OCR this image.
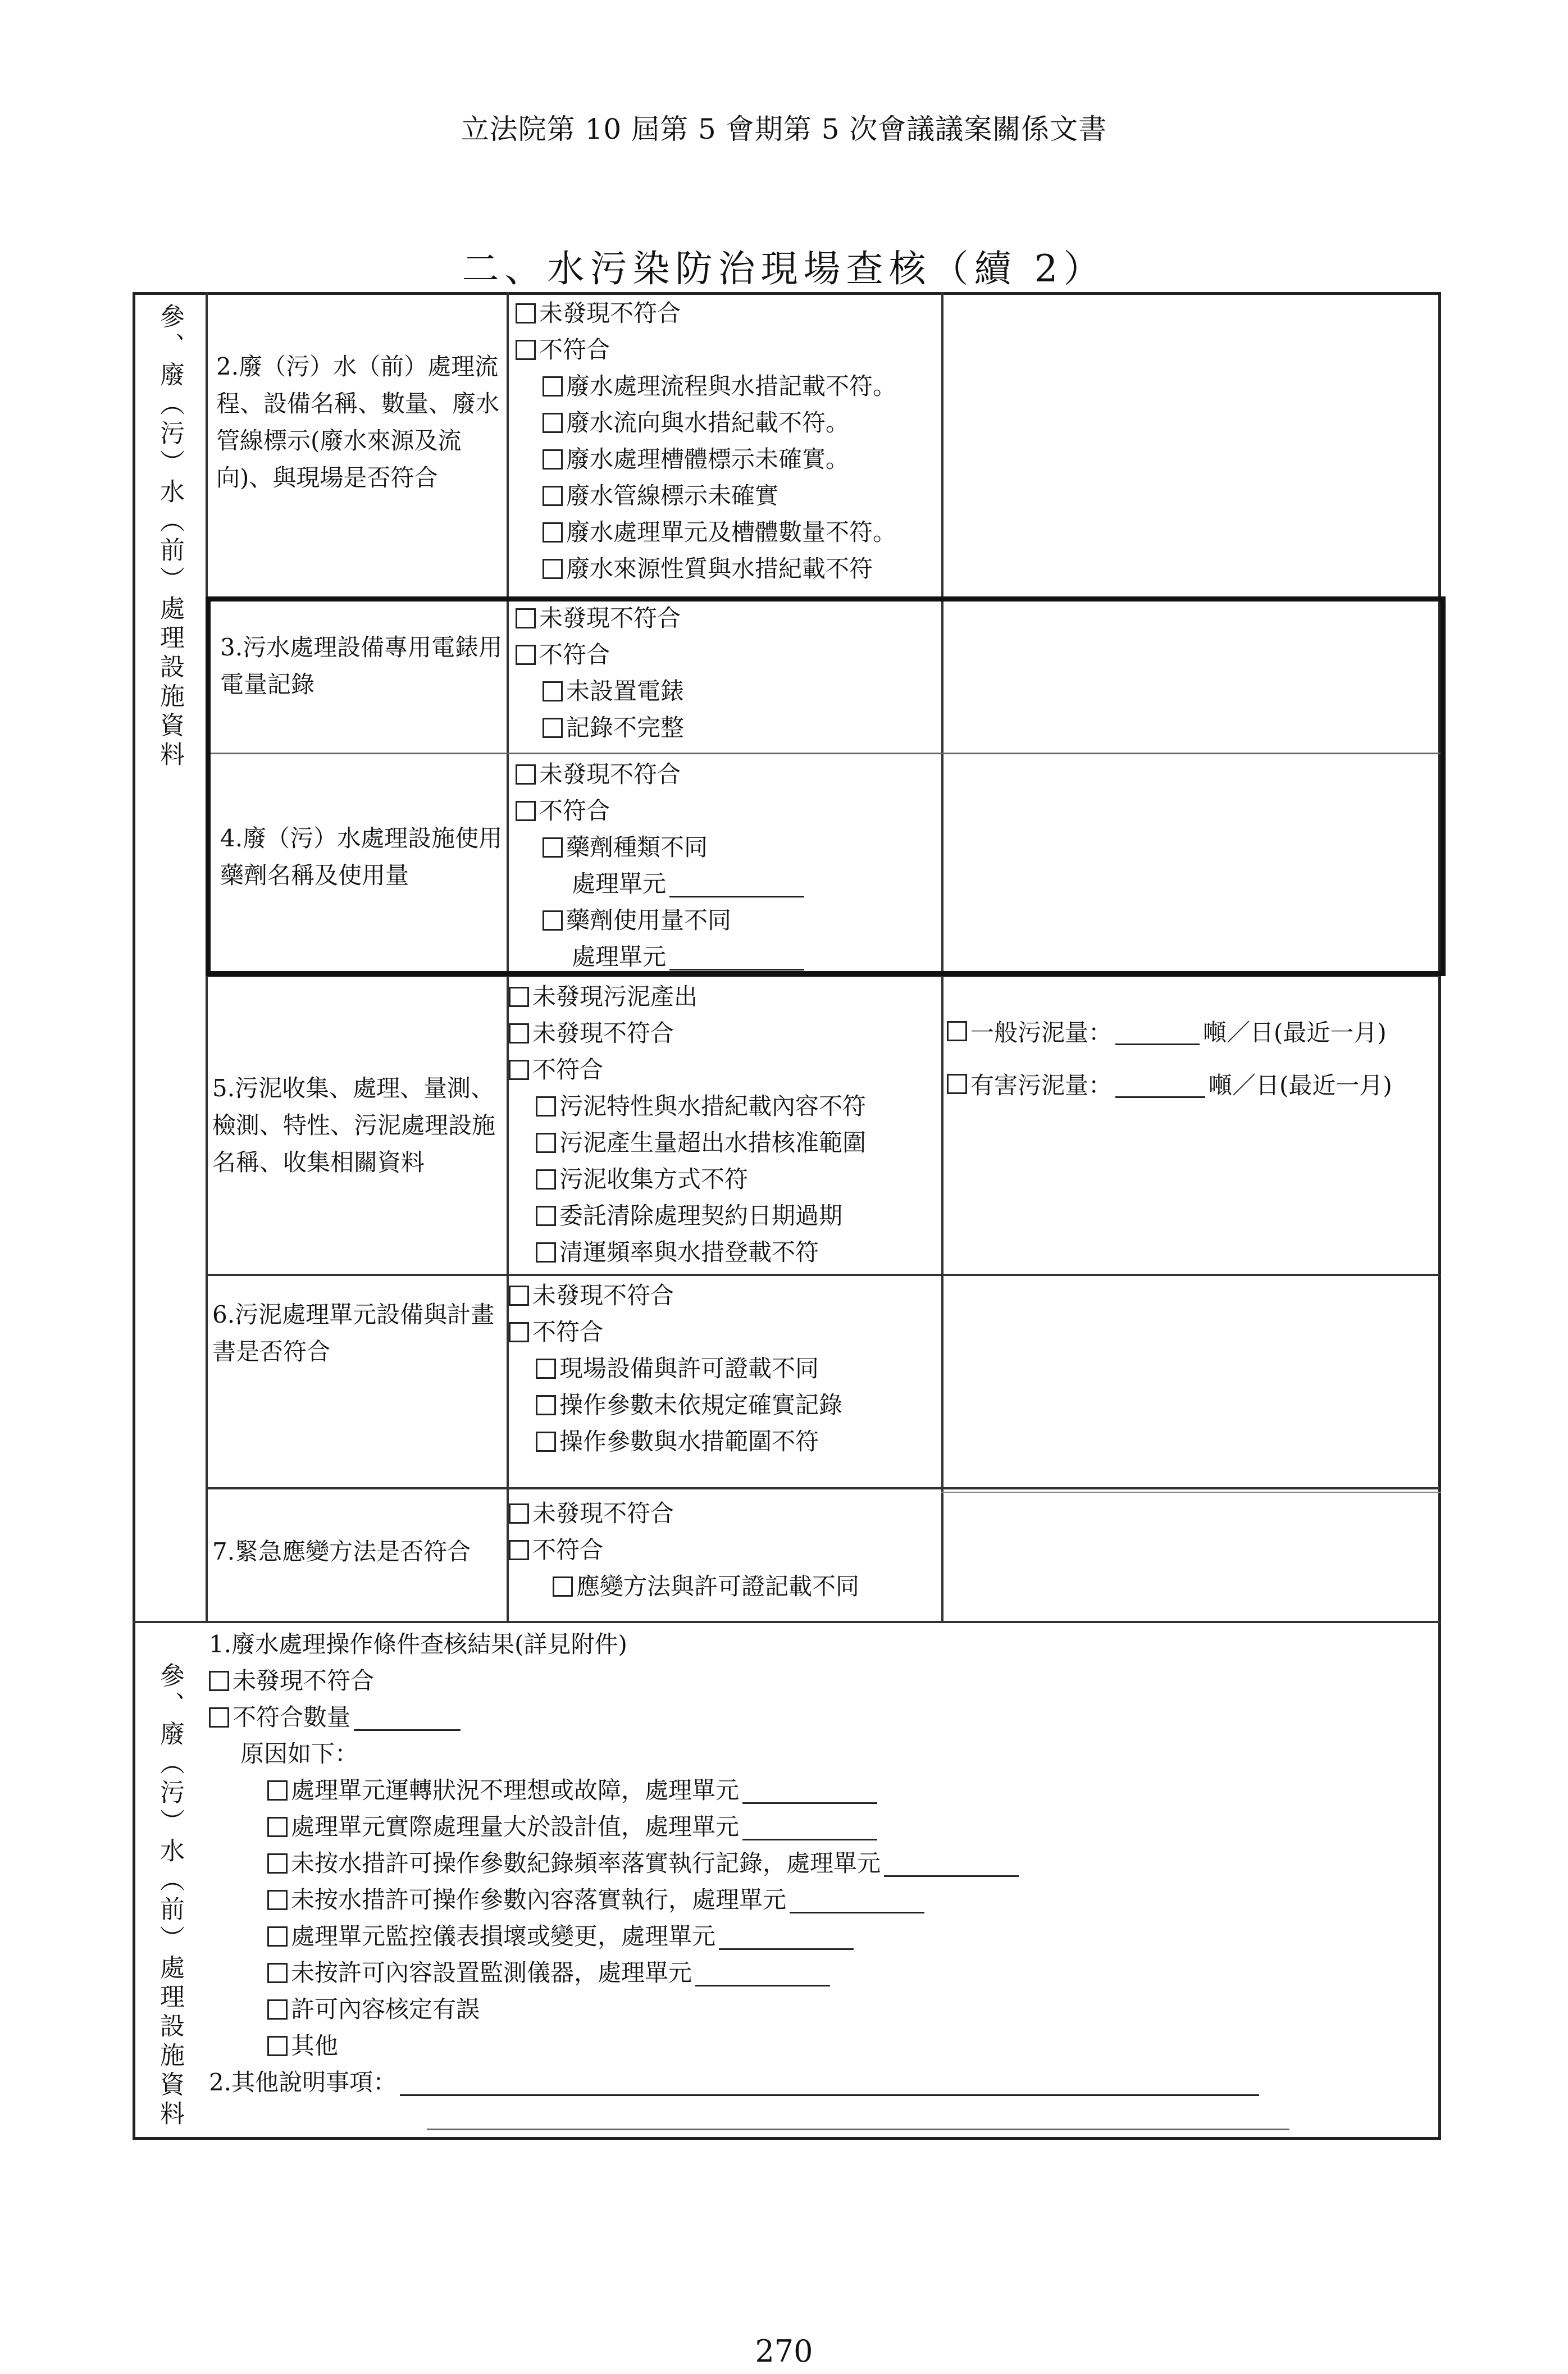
立法院第 10 屆第 5 會期第 5 次會議議案關係文書
二、水污染防治現場查核（續 2）
參、廢（污）水（前）處理設施資料
參、廢（污）水（前）處理設施資料
2.廢（污）水（前）處理流程、設備名稱、數量、廢水管線標示(廢水來源及流向)、與現場是否符合
未發現不符合
不符合
廢水處理流程與水措記載不符。
廢水流向與水措紀載不符。
廢水處理槽體標示未確實。
廢水管線標示未確實
廢水處理單元及槽體數量不符。
廢水來源性質與水措紀載不符
3.污水處理設備專用電錶用電量記錄
未發現不符合
不符合
未設置電錶
記錄不完整
4.廢（污）水處理設施使用藥劑名稱及使用量
未發現不符合
不符合
藥劑種類不同
處理單元
藥劑使用量不同
處理單元
5.污泥收集、處理、量測、檢測、特性、污泥處理設施名稱、收集相關資料
未發現污泥產出
未發現不符合
不符合
污泥特性與水措紀載內容不符
污泥產生量超出水措核准範圍
污泥收集方式不符
委託清除處理契約日期過期
清運頻率與水措登載不符
一般污泥量：	噸／日(最近一月)
有害污泥量：	噸／日(最近一月)
6.污泥處理單元設備與計畫書是否符合
未發現不符合
不符合
現場設備與許可證載不同
操作參數未依規定確實記錄
操作參數與水措範圍不符
7.緊急應變方法是否符合
未發現不符合
不符合
應變方法與許可證記載不同
1.廢水處理操作條件查核結果(詳見附件)
未發現不符合
不符合數量
原因如下：
處理單元運轉狀況不理想或故障，處理單元
處理單元實際處理量大於設計值，處理單元
未按水措許可操作參數紀錄頻率落實執行記錄，處理單元
未按水措許可操作參數內容落實執行，處理單元
處理單元監控儀表損壞或變更，處理單元
未按許可內容設置監測儀器，處理單元
許可內容核定有誤
其他
2.其他說明事項：
270
